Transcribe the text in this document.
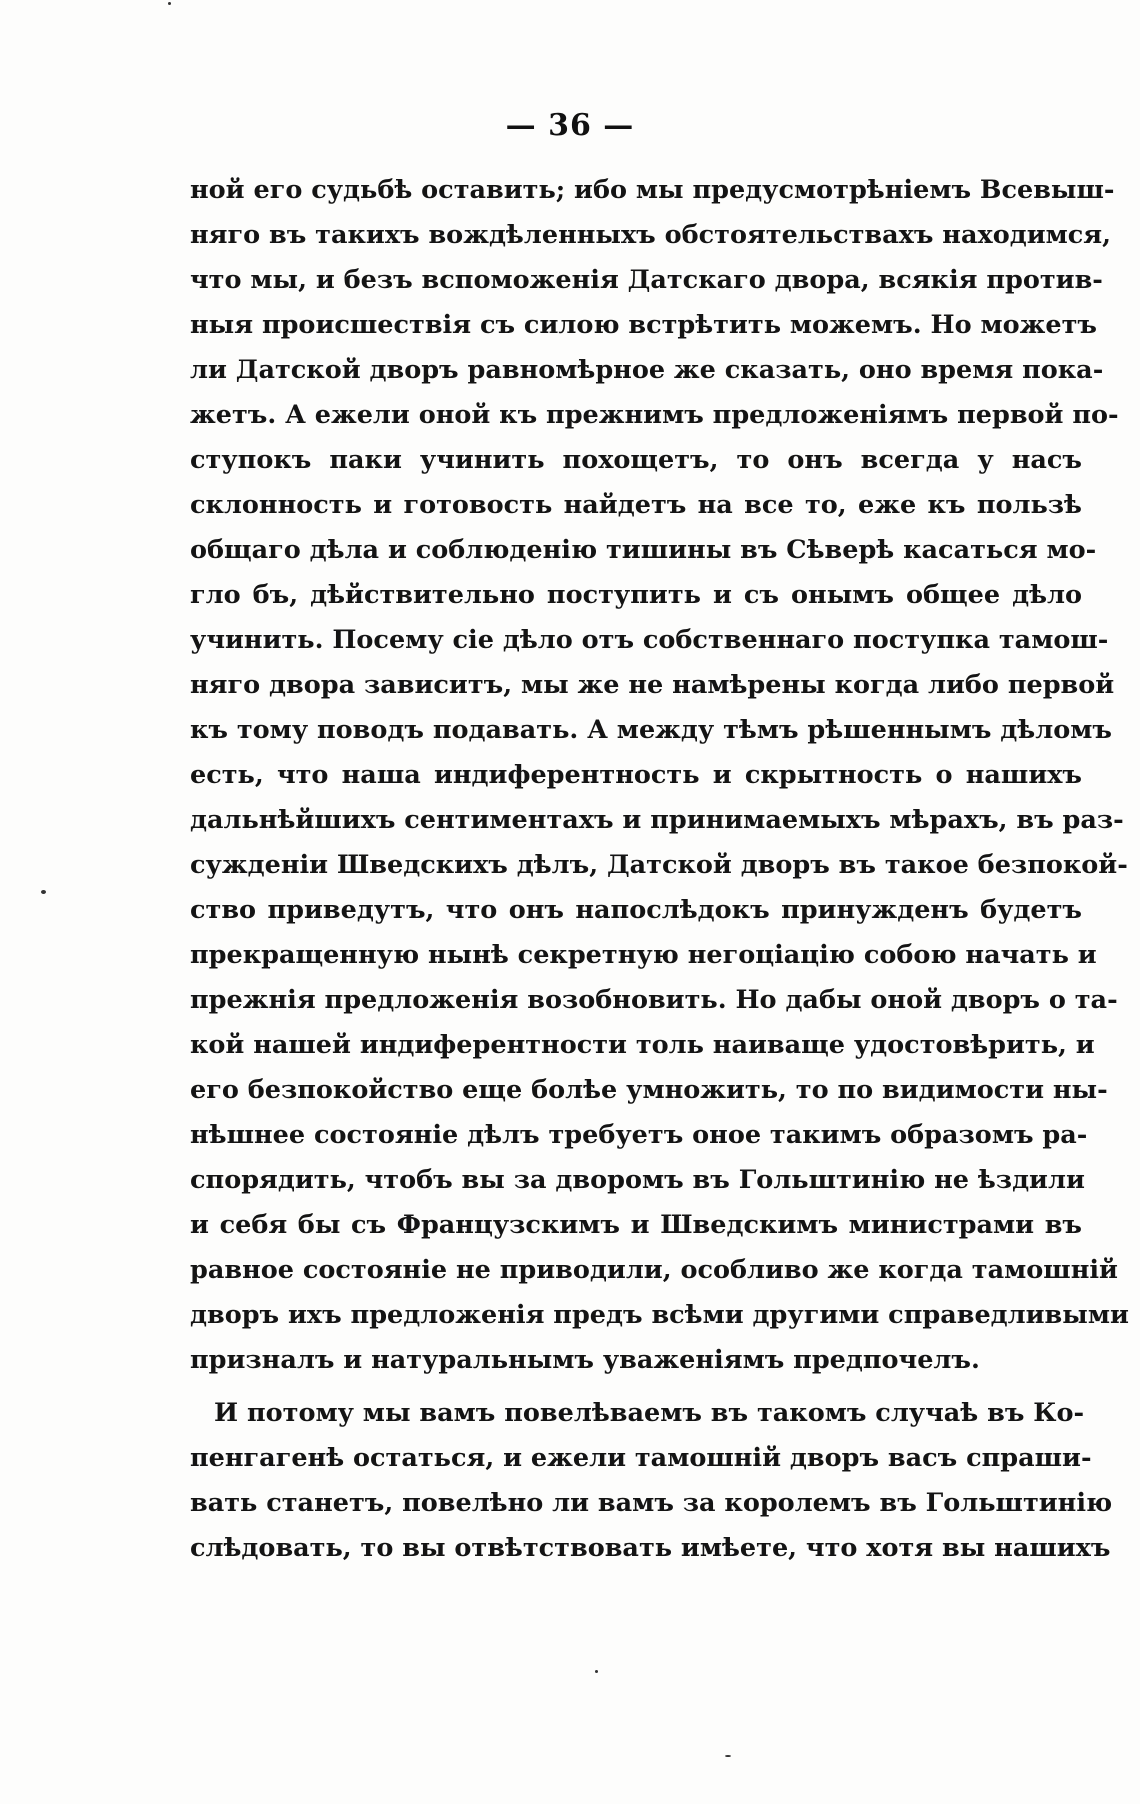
— 36 —
ной его судьбѣ оставить; ибо мы предусмотрѣніемъ Всевыш-
няго въ такихъ вождѣленныхъ обстоятельствахъ находимся,
что мы, и безъ вспоможенія Датскаго двора, всякія против-
ныя происшествія съ силою встрѣтить можемъ. Но можетъ
ли Датской дворъ равномѣрное же сказать, оно время пока-
жетъ. А ежели оной къ прежнимъ предложеніямъ первой по-
ступокъ паки учинить похощетъ, то онъ всегда у насъ
склонность и готовость найдетъ на все то, еже къ пользѣ
общаго дѣла и соблюденію тишины въ Сѣверѣ касаться мо-
гло бъ, дѣйствительно поступить и съ онымъ общее дѣло
учинить. Посему сіе дѣло отъ собственнаго поступка тамош-
няго двора зависитъ, мы же не намѣрены когда либо первой
къ тому поводъ подавать. А между тѣмъ рѣшеннымъ дѣломъ
есть, что наша индиферентность и скрытность о нашихъ
дальнѣйшихъ сентиментахъ и принимаемыхъ мѣрахъ, въ раз-
сужденіи Шведскихъ дѣлъ, Датской дворъ въ такое безпокой-
ство приведутъ, что онъ напослѣдокъ принужденъ будетъ
прекращенную нынѣ секретную негоціацію собою начать и
прежнія предложенія возобновить. Но дабы оной дворъ о та-
кой нашей индиферентности толь наиваще удостовѣрить, и
его безпокойство еще болѣе умножить, то по видимости ны-
нѣшнее состояніе дѣлъ требуетъ оное такимъ образомъ ра-
спорядить, чтобъ вы за дворомъ въ Гольштинію не ѣздили
и себя бы съ Французскимъ и Шведскимъ министрами въ
равное состояніе не приводили, особливо же когда тамошній
дворъ ихъ предложенія предъ всѣми другими справедливыми
призналъ и натуральнымъ уваженіямъ предпочелъ.
И потому мы вамъ повелѣваемъ въ такомъ случаѣ въ Ко-
пенгагенѣ остаться, и ежели тамошній дворъ васъ спраши-
вать станетъ, повелѣно ли вамъ за королемъ въ Гольштинію
слѣдовать, то вы отвѣтствовать имѣете, что хотя вы нашихъ
